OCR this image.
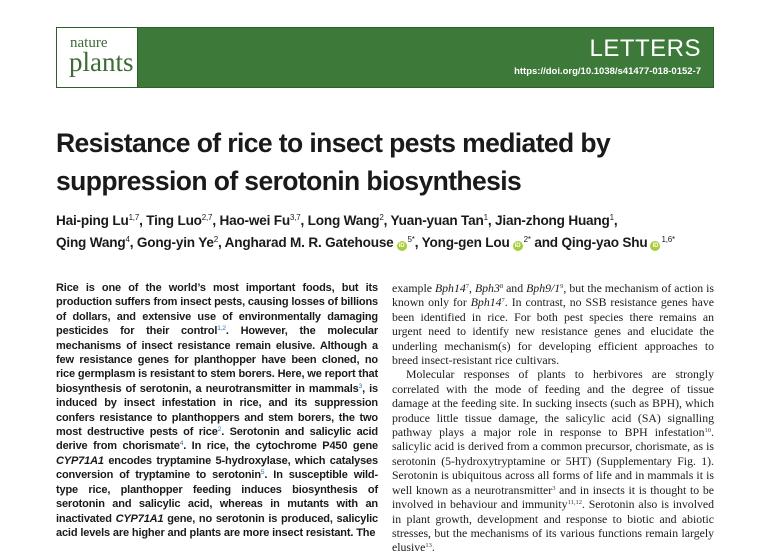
nature
plants	LETTERS
https://doi.org/10.1038/s41477-018-0152-7
Resistance of rice to insect pests mediated by
suppression of serotonin biosynthesis
Hai-ping Lu$^{1,7}$, Ting Luo$^{2,7}$, Hao-wei Fu$^{3,7}$, Long Wang$^2$, Yuan-yuan Tan$^1$, Jian-zhong Huang$^1$,
Qing Wang$^4$, Gong-yin Ye$^2$, Angharad M. R. Gatehouse $iD^{5*}$, Yong-gen Lou $iD^{2*}$ and Qing-yao Shu $iD^{1,6*}$

Rice is one of the world’s most important foods, but its production suffers from insect pests, causing losses of billions of dollars, and extensive use of environmentally damaging pesticides for their control$^{1,2}$. However, the molecular mechanisms of insect resistance remain elusive. Although a few resistance genes for planthopper have been cloned, no rice germplasm is resistant to stem borers. Here, we report that biosynthesis of serotonin, a neurotransmitter in mammals$^3$, is induced by insect infestation in rice, and its suppression confers resistance to planthoppers and stem borers, the two most destructive pests of rice$^2$. Serotonin and salicylic acid derive from chorismate$^4$. In rice, the cytochrome P450 gene CYP71A1 encodes tryptamine 5-hydroxylase, which catalyses conversion of tryptamine to serotonin$^5$. In susceptible wild-type rice, planthopper feeding induces biosynthesis of serotonin and salicylic acid, whereas in mutants with an inactivated CYP71A1 gene, no serotonin is produced, salicylic acid levels are higher and plants are more insect resistant. The

example $Bph14^7$, $Bph3^8$ and $Bph9/1^9$, but the mechanism of action is known only for $Bph14^7$. In contrast, no SSB resistance genes have been identified in rice. For both pest species there remains an urgent need to identify new resistance genes and elucidate the underling mechanism(s) for developing efficient approaches to breed insect-resistant rice cultivars.

Molecular responses of plants to herbivores are strongly correlated with the mode of feeding and the degree of tissue damage at the feeding site. In sucking insects (such as BPH), which produce little tissue damage, the salicylic acid (SA) signalling pathway plays a major role in response to BPH infestation$^{10}$. salicylic acid is derived from a common precursor, chorismate, as is serotonin (5-hydroxytryptamine or 5HT) (Supplementary Fig. 1). Serotonin is ubiquitous across all forms of life and in mammals it is well known as a neurotransmitter$^3$ and in insects it is thought to be involved in behaviour and immunity$^{11,12}$. Serotonin also is involved in plant growth, development and response to biotic and abiotic stresses, but the mechanisms of its various functions remain largely elusive$^{13}$.
